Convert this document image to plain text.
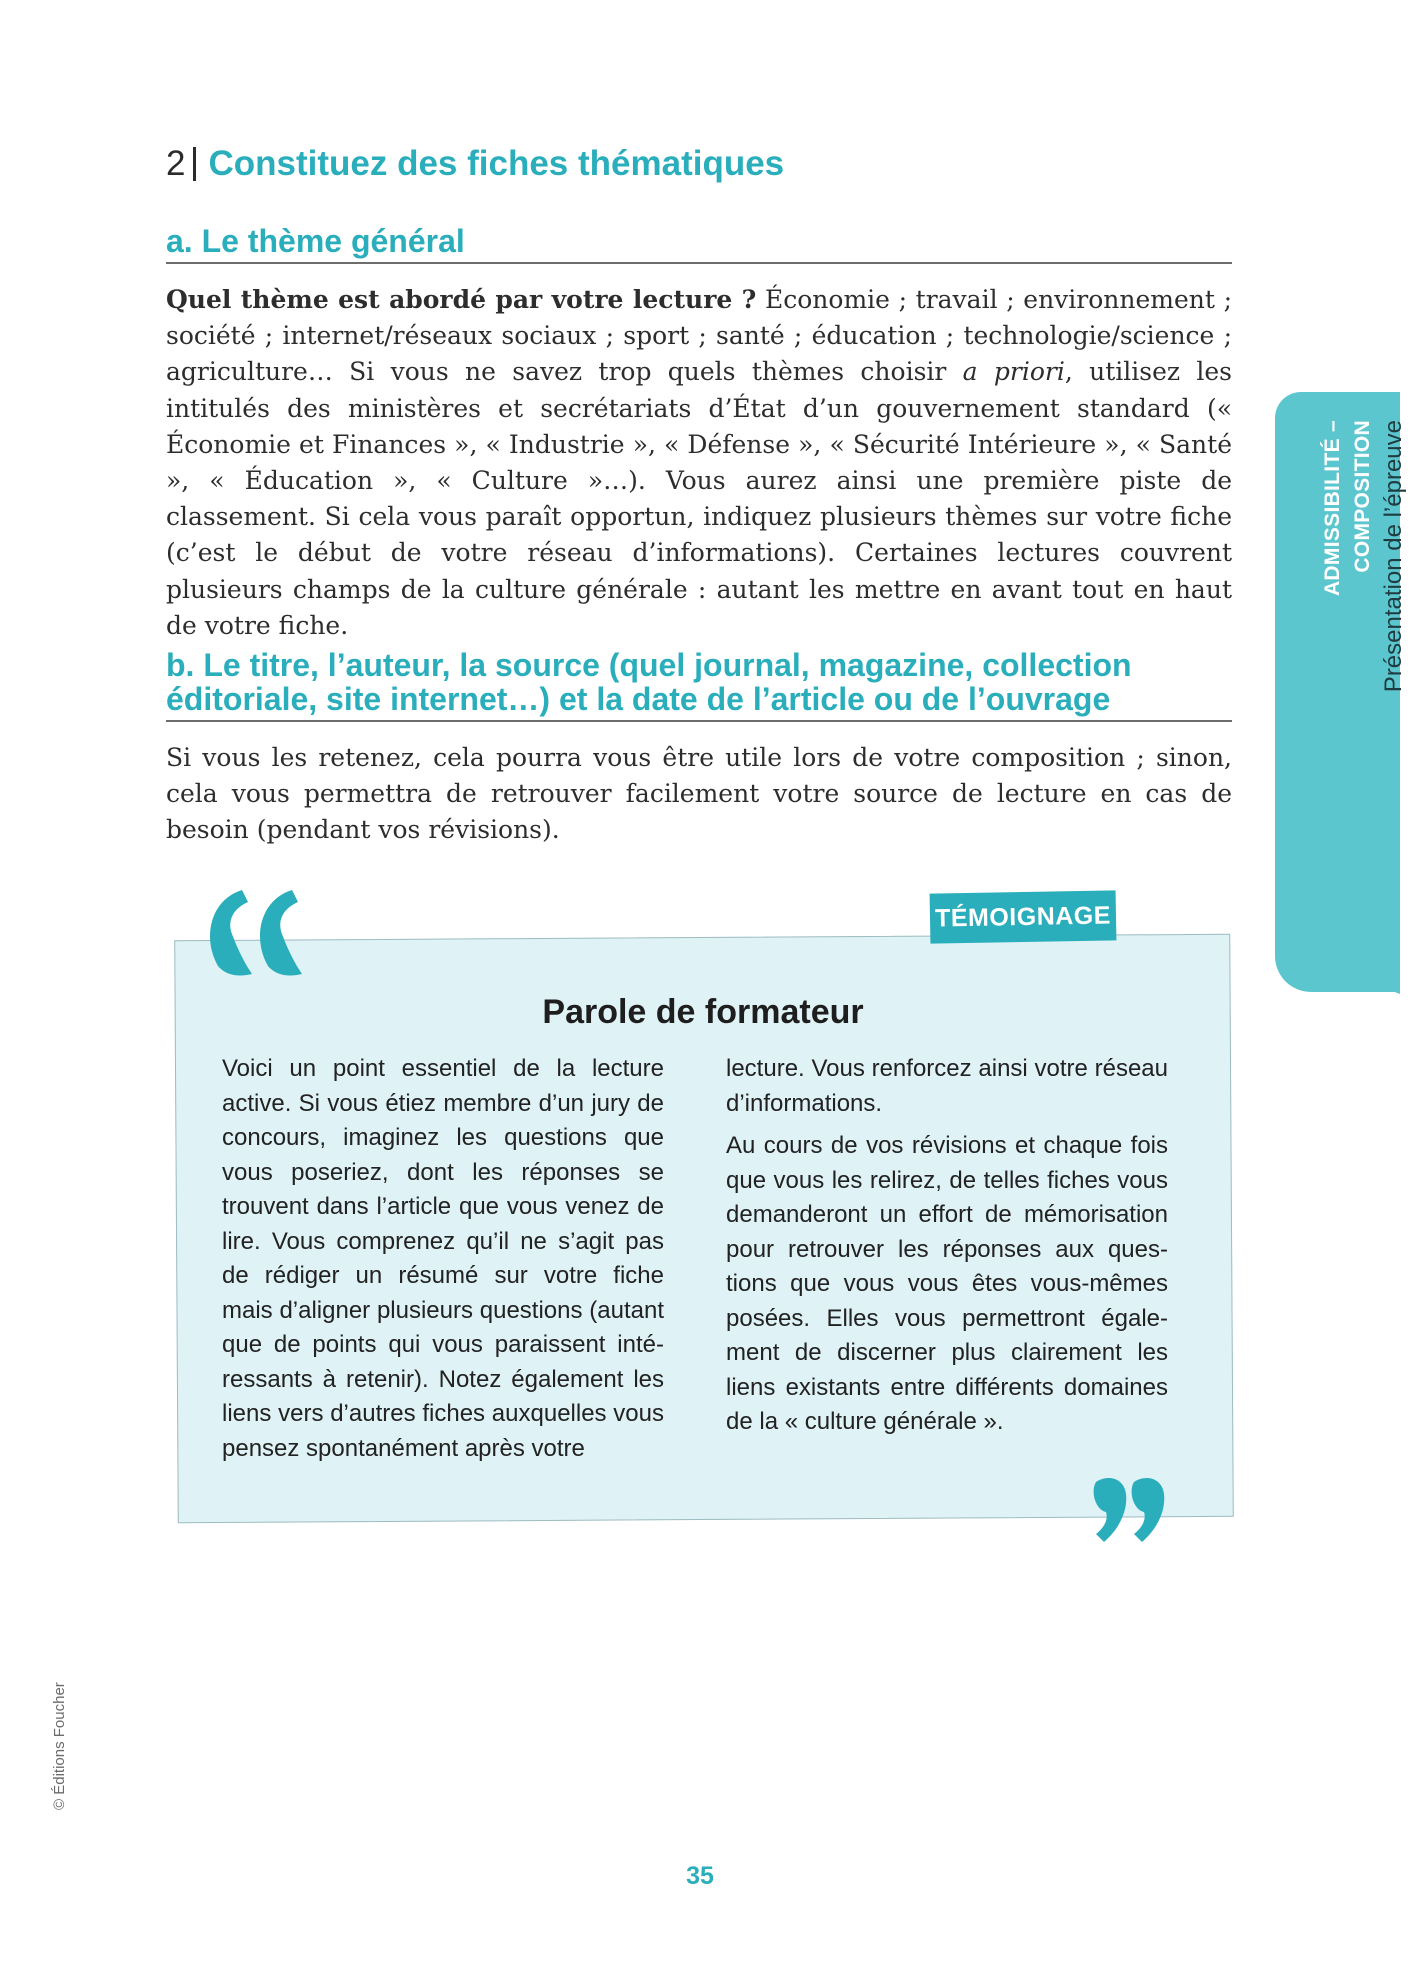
2 Constituez des fiches thématiques
a. Le thème général

Quel thème est abordé par votre lecture ? Économie ; travail ; environnement ; société ; internet/réseaux sociaux ; sport ; santé ; éducation ; technologie/science ; agriculture… Si vous ne savez trop quels thèmes choisir a priori, utilisez les intitulés des ministères et secrétariats d’État d’un gouvernement standard (« Économie et Finances », « Industrie », « Défense », « Sécurité Intérieure », « Santé », « Éducation », « Culture »…). Vous aurez ainsi une première piste de classement. Si cela vous paraît opportun, indiquez plusieurs thèmes sur votre fiche (c’est le début de votre réseau d’informations). Certaines lectures couvrent plusieurs champs de la culture générale : autant les mettre en avant tout en haut de votre fiche.

b. Le titre, l’auteur, la source (quel journal, magazine, collection éditoriale, site internet…) et la date de l’article ou de l’ouvrage

Si vous les retenez, cela pourra vous être utile lors de votre composition ; sinon, cela vous permettra de retrouver facilement votre source de lecture en cas de besoin (pendant vos révisions).

ADMISSIBILITÉ – COMPOSITION Présentation de l’épreuve
TÉMOIGNAGE
Parole de formateur

Voici un point essentiel de la lecture active. Si vous étiez membre d’un jury de concours, imaginez les questions que vous poseriez, dont les réponses se trouvent dans l’article que vous venez de lire. Vous comprenez qu’il ne s’agit pas de rédiger un résumé sur votre fiche mais d’aligner plusieurs questions (autant que de points qui vous paraissent intéressants à retenir). Notez également les liens vers d’autres fiches auxquelles vous pensez spontanément après votre

lecture. Vous renforcez ainsi votre réseau d’informations.

Au cours de vos révisions et chaque fois que vous les relirez, de telles fiches vous demanderont un effort de mémorisation pour retrouver les réponses aux questions que vous vous êtes vous-mêmes posées. Elles vous permettront également de discerner plus clairement les liens existants entre différents domaines de la « culture générale ».

© Éditions Foucher
35
